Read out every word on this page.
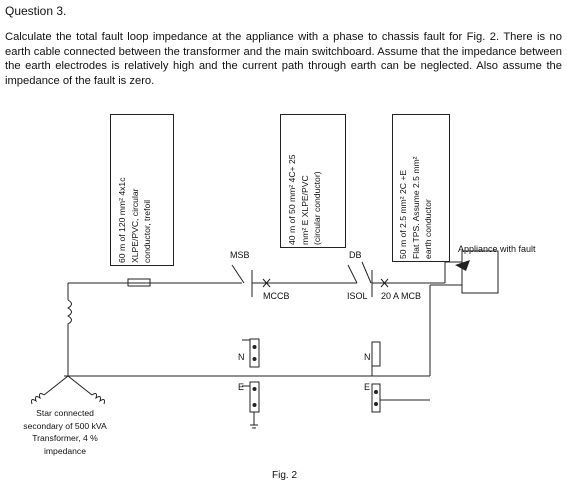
Question 3.
Calculate the total fault loop impedance at the appliance with a phase to chassis fault for Fig. 2. There is no earth cable connected between the transformer and the main switchboard. Assume that the impedance between the earth electrodes is relatively high and the current path through earth can be neglected. Also assume the impedance of the fault is zero.
60 m of 120 mm² 4x1c XLPE/PVC, circular conductor, trefoil	40 m of 50 mm² 4C+ 25 mm² E XLPE/PVC (circular conductor)	50 m of 2.5 mm² 2C +E Flat TPS. Assume 2.5 mm² earth conductor
MSB	DB
MCCB	ISOL 20 A MCB
Appliance with fault
N	N
E	E
Star connected
secondary of 500 kVA
Transformer, 4 %
impedance
Fig. 2
